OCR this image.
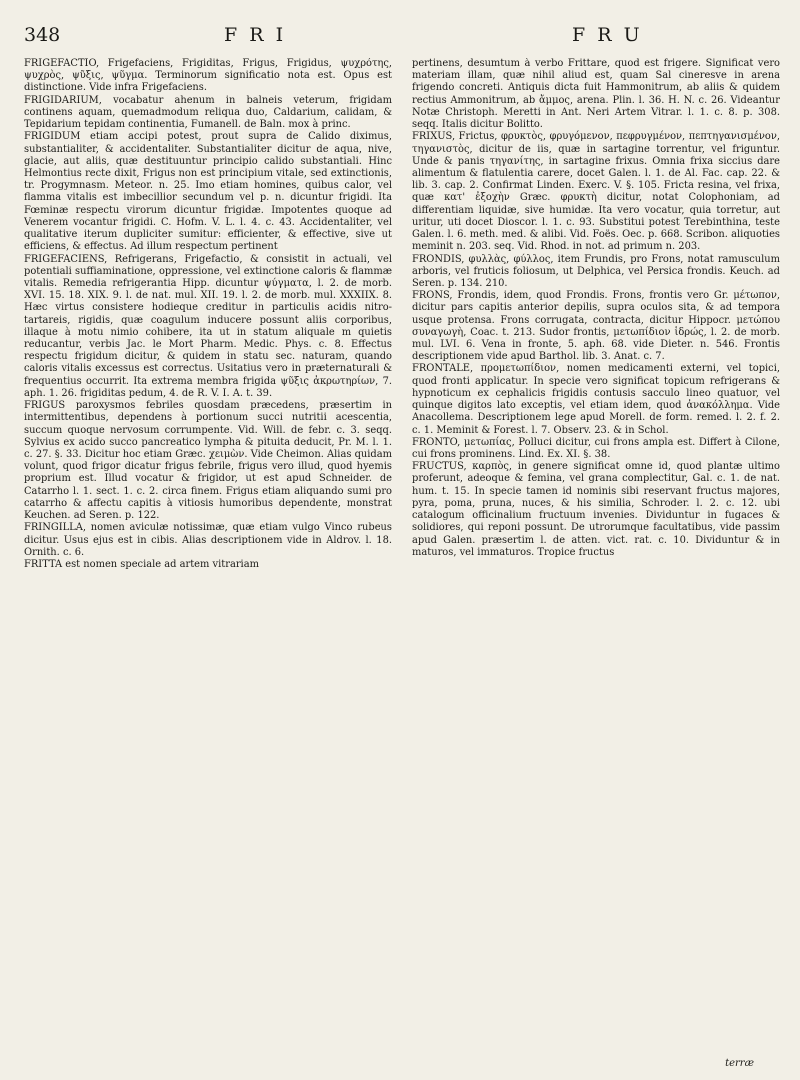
348	F R I	F R U

FRIGEFACTIO, Frigefaciens, Frigiditas, Frigus, Frigidus, ψυχρότης, ψυχρὸς, ψῦξις, ψῦγμα. Terminorum significatio nota est. Opus est distinctione. Vide infra Frigefaciens.

FRIGIDARIUM, vocabatur ahenum in balneis veterum, frigidam continens aquam, quemadmodum reliqua duo, Caldarium, calidam, & Tepidarium tepidam continentia, Fumanell. de Baln. mox à princ.

FRIGIDUM etiam accipi potest, prout supra de Calido diximus, substantialiter, & accidentaliter. Substantialiter dicitur de aqua, nive, glacie, aut aliis, quæ destituuntur principio calido substantiali. Hinc Helmontius recte dixit, Frigus non est principium vitale, sed extinctionis, tr. Progymnasm. Meteor. n. 25. Imo etiam homines, quibus calor, vel flamma vitalis est imbecillior secundum vel p. n. dicuntur frigidi. Ita Fœminæ respectu virorum dicuntur frigidæ. Impotentes quoque ad Venerem vocantur frigidi. C. Hofm. V. L. l. 4. c. 43. Accidentaliter, vel qualitative iterum dupliciter sumitur: efficienter, & effective, sive ut efficiens, & effectus. Ad illum respectum pertinent

FRIGEFACIENS, Refrigerans, Frigefactio, & consistit in actuali, vel potentiali suffiaminatione, oppressione, vel extinctione caloris & flammæ vitalis. Remedia refrigerantia Hipp. dicuntur ψύγματα, l. 2. de morb. XVI. 15. 18. XIX. 9. l. de nat. mul. XII. 19. l. 2. de morb. mul. XXXIIX. 8. Hæc virtus consistere hodieque creditur in particulis acidis nitro-tartareis, rigidis, quæ coagulum inducere possunt aliis corporibus, illaque à motu nimio cohibere, ita ut in statum aliquale m quietis reducantur, verbis Jac. le Mort Pharm. Medic. Phys. c. 8. Effectus respectu frigidum dicitur, & quidem in statu sec. naturam, quando caloris vitalis excessus est correctus. Usitatius vero in præternaturali & frequentius occurrit. Ita extrema membra frigida ψῦξις ἀκρωτηρίων, 7. aph. 1. 26. frigiditas pedum, 4. de R. V. I. A. t. 39.

FRIGUS paroxysmos febriles quosdam præcedens, præsertim in intermittentibus, dependens à portionum succi nutritii acescentia, succum quoque nervosum corrumpente. Vid. Will. de febr. c. 3. seqq. Sylvius ex acido succo pancreatico lympha & pituita deducit, Pr. M. l. 1. c. 27. §. 33. Dicitur hoc etiam Græc. χειμὼν. Vide Cheimon. Alias quidam volunt, quod frigor dicatur frigus febrile, frigus vero illud, quod hyemis proprium est. Illud vocatur & frigidor, ut est apud Schneider. de Catarrho l. 1. sect. 1. c. 2. circa finem. Frigus etiam aliquando sumi pro catarrho & affectu capitis à vitiosis humoribus dependente, monstrat Keuchen. ad Seren. p. 122.

FRINGILLA, nomen aviculæ notissimæ, quæ etiam vulgo Vinco rubeus dicitur. Usus ejus est in cibis. Alias descriptionem vide in Aldrov. l. 18. Ornith. c. 6.

FRITTA est nomen speciale ad artem vitrariam

pertinens, desumtum à verbo Frittare, quod est frigere. Significat vero materiam illam, quæ nihil aliud est, quam Sal cineresve in arena frigendo concreti. Antiquis dicta fuit Hammonitrum, ab aliis & quidem rectius Ammonitrum, ab ἄμμος, arena. Plin. l. 36. H. N. c. 26. Videantur Notæ Christoph. Meretti in Ant. Neri Artem Vitrar. l. 1. c. 8. p. 308. seqq. Italis dicitur Bolitto.

FRIXUS, Frictus, φρυκτὸς, φρυγόμενον, πεφρυγμένον, πεπτηγανισμένον, τηγανιστὸς, dicitur de iis, quæ in sartagine torrentur, vel friguntur. Unde & panis τηγανίτης, in sartagine frixus. Omnia frixa siccius dare alimentum & flatulentia carere, docet Galen. l. 1. de Al. Fac. cap. 22. & lib. 3. cap. 2. Confirmat Linden. Exerc. V. §. 105. Fricta resina, vel frixa, quæ κατ' ἐξοχὴν Græc. φρυκτὴ dicitur, notat Colophoniam, ad differentiam liquidæ, sive humidæ. Ita vero vocatur, quia torretur, aut uritur, uti docet Dioscor. l. 1. c. 93. Substitui potest Terebinthina, teste Galen. l. 6. meth. med. & alibi. Vid. Foës. Oec. p. 668. Scribon. aliquoties meminit n. 203. seq. Vid. Rhod. in not. ad primum n. 203.

FRONDIS, φυλλὰς, φύλλος, item Frundis, pro Frons, notat ramusculum arboris, vel fruticis foliosum, ut Delphica, vel Persica frondis. Keuch. ad Seren. p. 134. 210.

FRONS, Frondis, idem, quod Frondis. Frons, frontis vero Gr. μέτωπον, dicitur pars capitis anterior depilis, supra oculos sita, & ad tempora usque protensa. Frons corrugata, contracta, dicitur Hippocr. μετώπου συναγωγὴ, Coac. t. 213. Sudor frontis, μετωπίδιον ἱδρώς, l. 2. de morb. mul. LVI. 6. Vena in fronte, 5. aph. 68. vide Dieter. n. 546. Frontis descriptionem vide apud Barthol. lib. 3. Anat. c. 7.

FRONTALE, προμετωπίδιον, nomen medicamenti externi, vel topici, quod fronti applicatur. In specie vero significat topicum refrigerans & hypnoticum ex cephalicis frigidis contusis sacculo lineo quatuor, vel quinque digitos lato exceptis, vel etiam idem, quod ἀνακόλλημα. Vide Anacollema. Descriptionem lege apud Morell. de form. remed. l. 2. f. 2. c. 1. Meminit & Forest. l. 7. Observ. 23. & in Schol.

FRONTO, μετωπίας, Polluci dicitur, cui frons ampla est. Differt à Cilone, cui frons prominens. Lind. Ex. XI. §. 38.

FRUCTUS, καρπὸς, in genere significat omne id, quod plantæ ultimo proferunt, adeoque & femina, vel grana complectitur, Gal. c. 1. de nat. hum. t. 15. In specie tamen id nominis sibi reservant fructus majores, pyra, poma, pruna, nuces, & his similia, Schroder. l. 2. c. 12. ubi catalogum officinalium fructuum invenies. Dividuntur in fugaces & solidiores, qui reponi possunt. De utrorumque facultatibus, vide passim apud Galen. præsertim l. de atten. vict. rat. c. 10. Dividuntur & in maturos, vel immaturos. Tropice fructus

terræ
